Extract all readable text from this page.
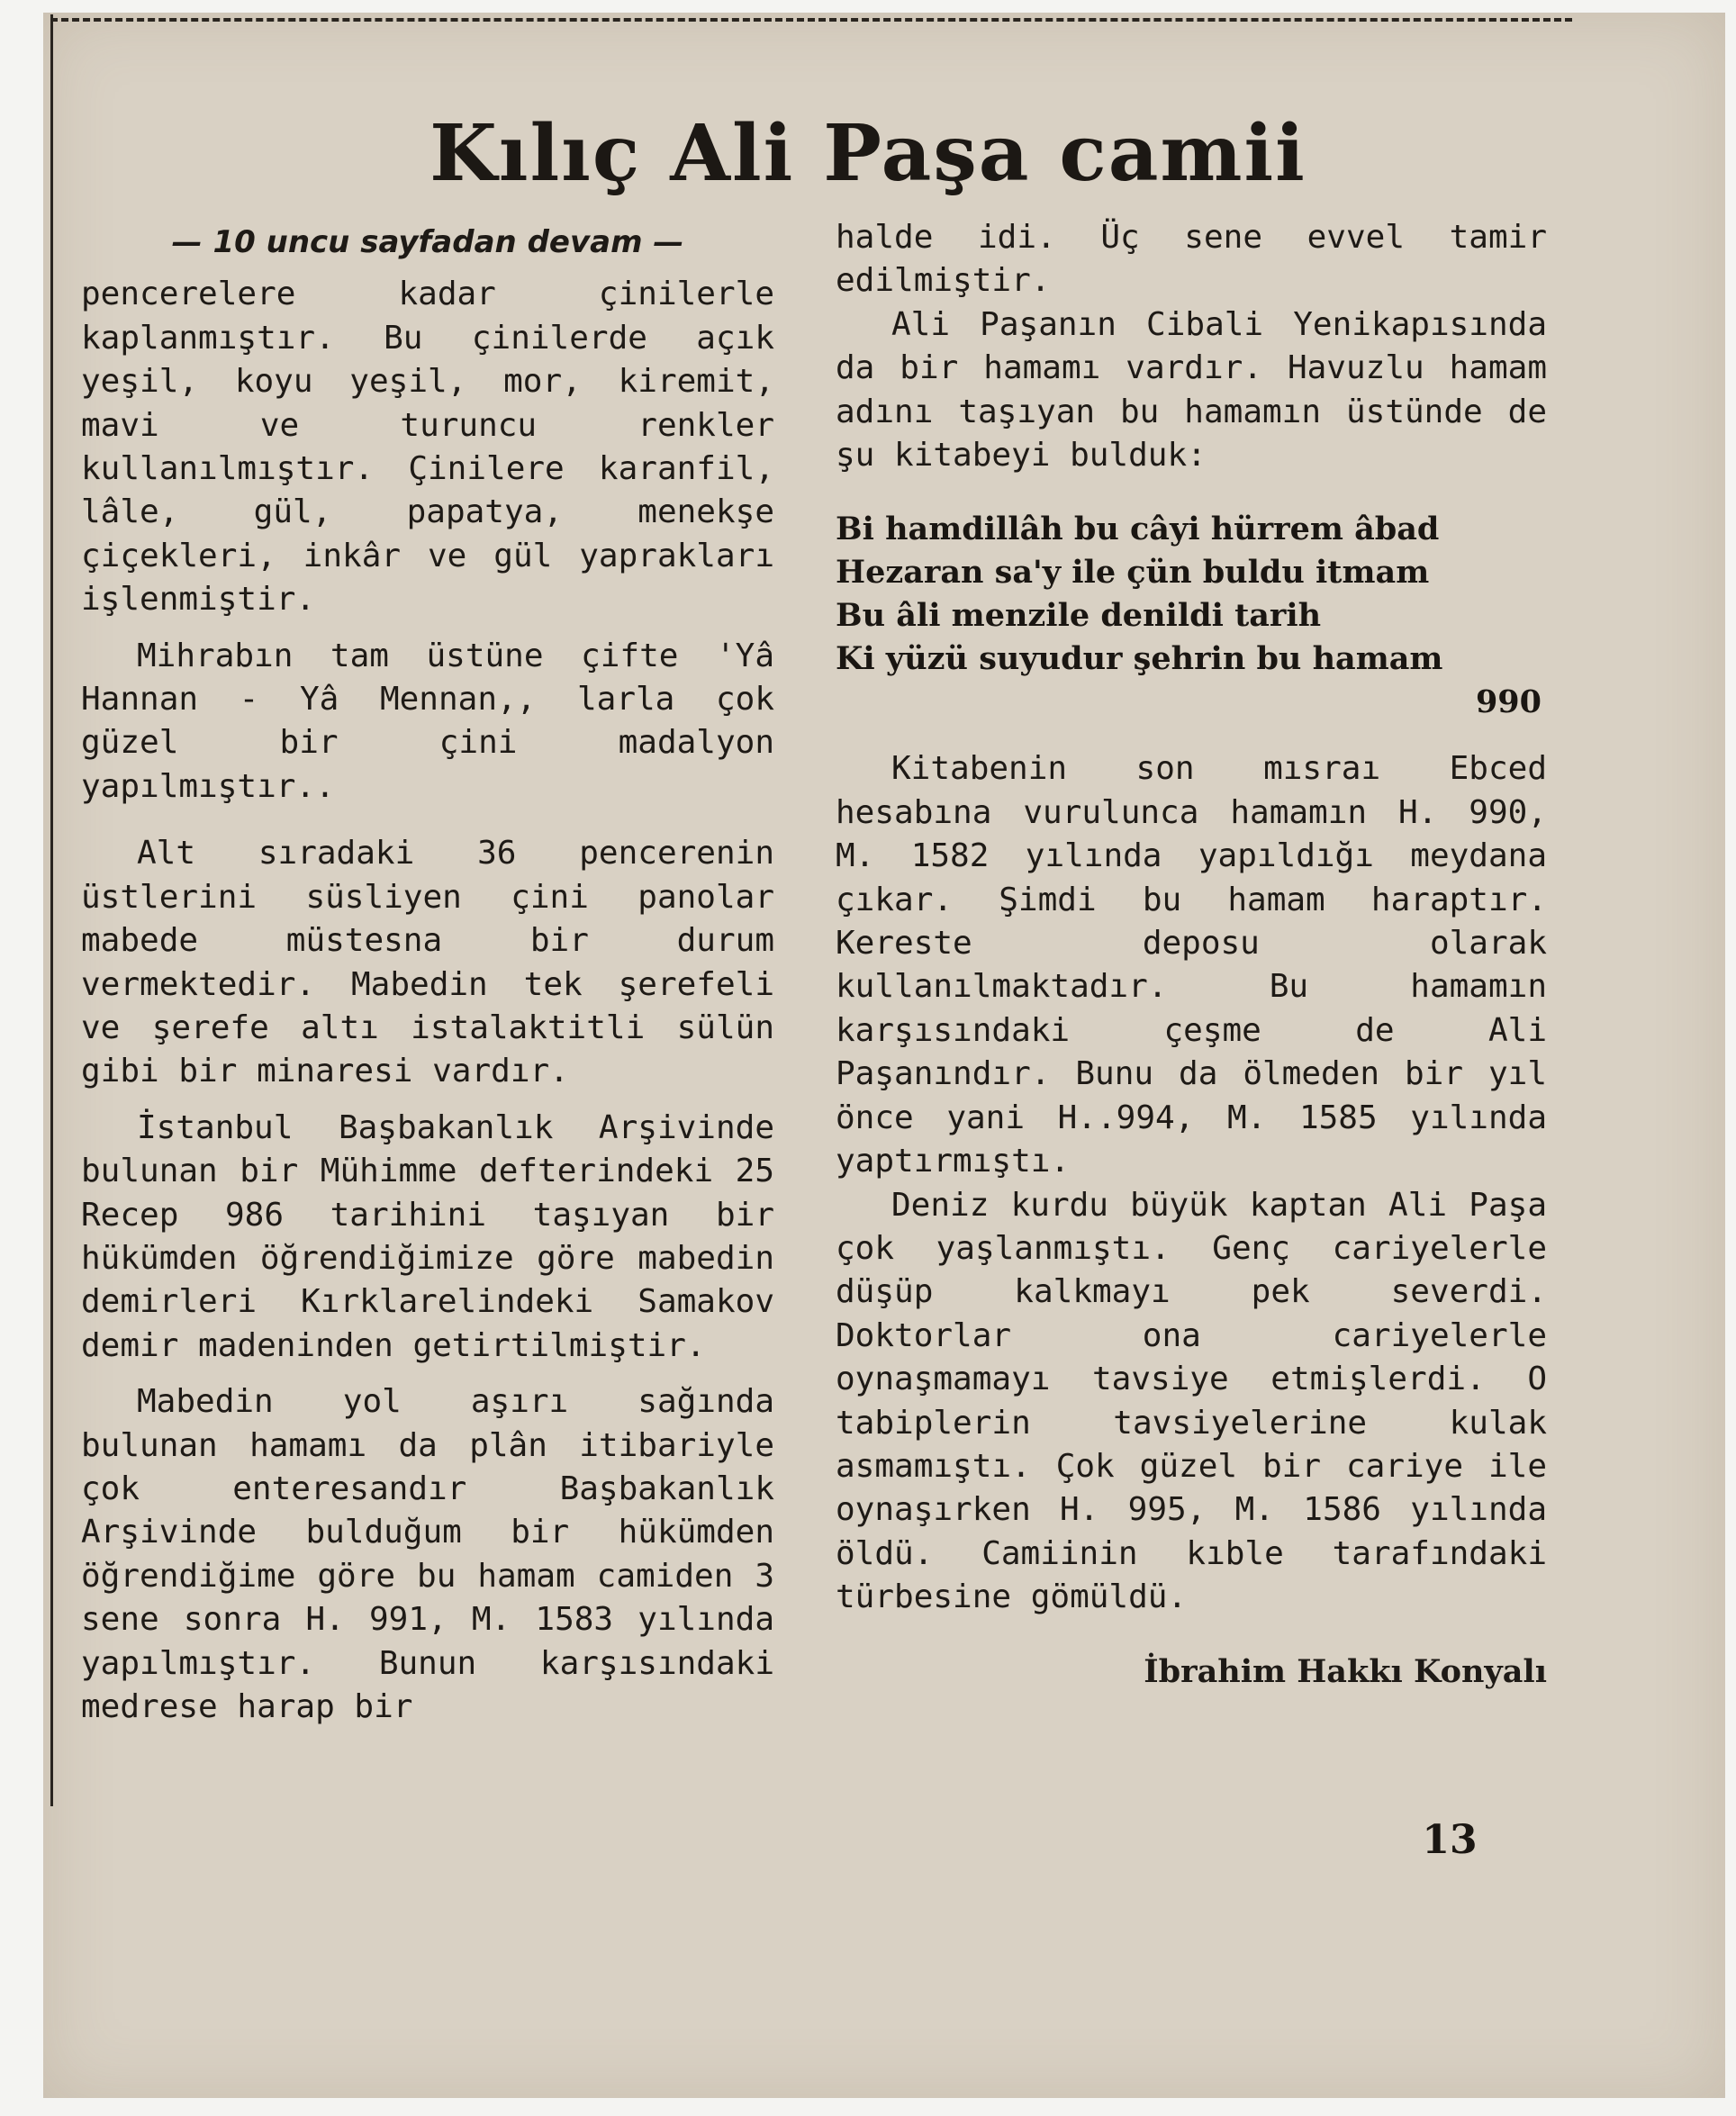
Kılıç Ali Paşa camii

— 10 uncu sayfadan devam —

pencerelere kadar çinilerle kaplanmıştır. Bu çinilerde açık yeşil, koyu yeşil, mor, kiremit, mavi ve turuncu renkler kullanılmıştır. Çinilere karanfil, lâle, gül, papatya, menekşe çiçekleri, inkâr ve gül yaprakları işlenmiştir.

Mihrabın tam üstüne çifte 'Yâ Hannan - Yâ Mennan,, larla çok güzel bir çini madalyon yapılmıştır..

Alt sıradaki 36 pencerenin üstlerini süsliyen çini panolar mabede müstesna bir durum vermektedir. Mabedin tek şerefeli ve şerefe altı istalaktitli sülün gibi bir minaresi vardır.

İstanbul Başbakanlık Arşivinde bulunan bir Mühimme defterindeki 25 Recep 986 tarihini taşıyan bir hükümden öğrendiğimize göre mabedin demirleri Kırklarelindeki Samakov demir madeninden getirtilmiştir.

Mabedin yol aşırı sağında bulunan hamamı da plân itibariyle çok enteresandır Başbakanlık Arşivinde bulduğum bir hükümden öğrendiğime göre bu hamam camiden 3 sene sonra H. 991, M. 1583 yılında yapılmıştır. Bunun karşısındaki medrese harap bir

halde idi. Üç sene evvel tamir edilmiştir.

Ali Paşanın Cibali Yenikapısında da bir hamamı vardır. Havuzlu hamam adını taşıyan bu hamamın üstünde de şu kitabeyi bulduk:

Bi hamdillâh bu câyi hürrem âbad
Hezaran sa'y ile çün buldu itmam
Bu âli menzile denildi tarih
Ki yüzü suyudur şehrin bu hamam
990

Kitabenin son mısraı Ebced hesabına vurulunca hamamın H. 990, M. 1582 yılında yapıldığı meydana çıkar. Şimdi bu hamam haraptır. Kereste deposu olarak kullanılmaktadır. Bu hamamın karşısındaki çeşme de Ali Paşanındır. Bunu da ölmeden bir yıl önce yani H..994, M. 1585 yılında yaptırmıştı.

Deniz kurdu büyük kaptan Ali Paşa çok yaşlanmıştı. Genç cariyelerle düşüp kalkmayı pek severdi. Doktorlar ona cariyelerle oynaşmamayı tavsiye etmişlerdi. O tabiplerin tavsiyelerine kulak asmamıştı. Çok güzel bir cariye ile oynaşırken H. 995, M. 1586 yılında öldü. Camiinin kıble tarafındaki türbesine gömüldü.

İbrahim Hakkı Konyalı

13
